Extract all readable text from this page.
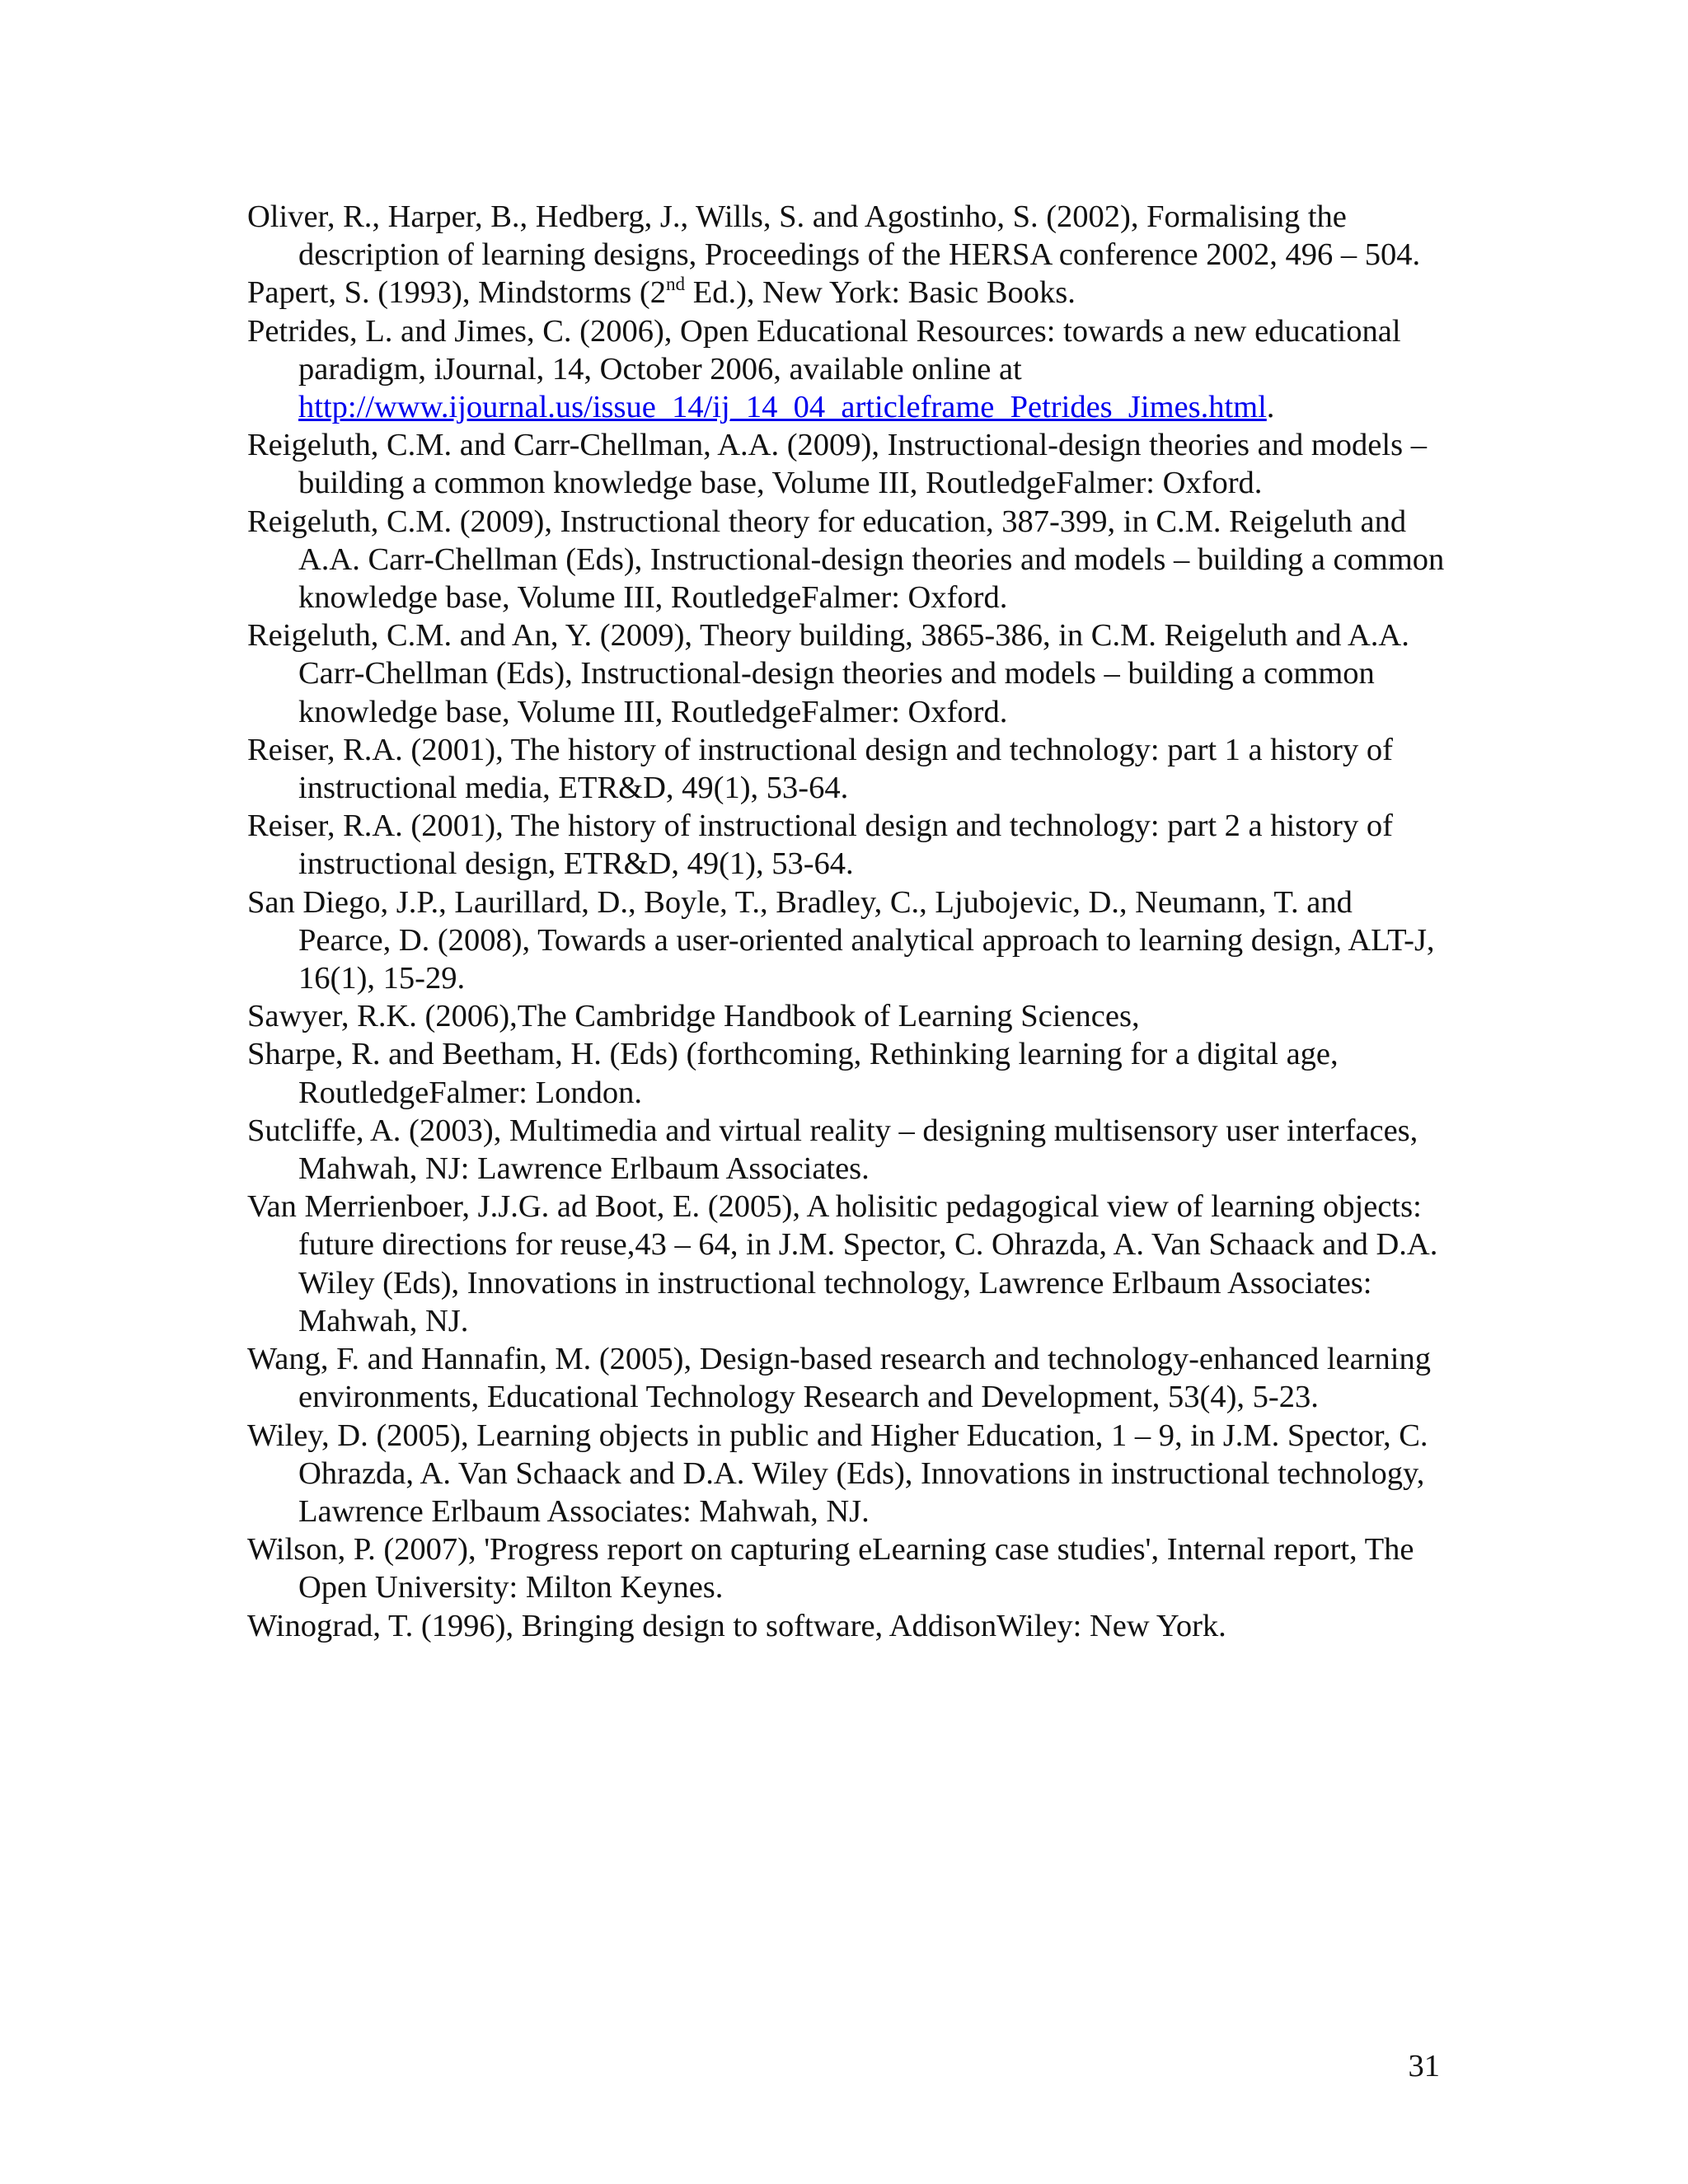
Oliver, R., Harper, B., Hedberg, J., Wills, S. and Agostinho, S. (2002), Formalising the description of learning designs, Proceedings of the HERSA conference 2002, 496 – 504.

Papert, S. (1993), Mindstorms (2nd Ed.), New York: Basic Books.

Petrides, L. and Jimes, C. (2006), Open Educational Resources: towards a new educational paradigm, iJournal, 14, October 2006, available online at http://www.ijournal.us/issue_14/ij_14_04_articleframe_Petrides_Jimes.html.

Reigeluth, C.M. and Carr-Chellman, A.A. (2009), Instructional-design theories and models – building a common knowledge base, Volume III, RoutledgeFalmer: Oxford.

Reigeluth, C.M. (2009), Instructional theory for education, 387-399, in C.M. Reigeluth and A.A. Carr-Chellman (Eds), Instructional-design theories and models – building a common knowledge base, Volume III, RoutledgeFalmer: Oxford.

Reigeluth, C.M. and An, Y. (2009), Theory building, 3865-386, in C.M. Reigeluth and A.A. Carr-Chellman (Eds), Instructional-design theories and models – building a common knowledge base, Volume III, RoutledgeFalmer: Oxford.

Reiser, R.A. (2001), The history of instructional design and technology: part 1 a history of instructional media, ETR&D, 49(1), 53-64.

Reiser, R.A. (2001), The history of instructional design and technology: part 2 a history of instructional design, ETR&D, 49(1), 53-64.

San Diego, J.P., Laurillard, D., Boyle, T., Bradley, C., Ljubojevic, D., Neumann, T. and Pearce, D. (2008), Towards a user-oriented analytical approach to learning design, ALT-J, 16(1), 15-29.

Sawyer, R.K. (2006),The Cambridge Handbook of Learning Sciences,

Sharpe, R. and Beetham, H. (Eds) (forthcoming, Rethinking learning for a digital age, RoutledgeFalmer: London.

Sutcliffe, A. (2003), Multimedia and virtual reality – designing multisensory user interfaces, Mahwah, NJ: Lawrence Erlbaum Associates.

Van Merrienboer, J.J.G. ad Boot, E. (2005), A holisitic pedagogical view of learning objects: future directions for reuse,43 – 64, in J.M. Spector, C. Ohrazda, A. Van Schaack and D.A. Wiley (Eds), Innovations in instructional technology, Lawrence Erlbaum Associates: Mahwah, NJ.

Wang, F. and Hannafin, M. (2005), Design-based research and technology-enhanced learning environments, Educational Technology Research and Development, 53(4), 5-23.

Wiley, D. (2005), Learning objects in public and Higher Education, 1 – 9, in J.M. Spector, C. Ohrazda, A. Van Schaack and D.A. Wiley (Eds), Innovations in instructional technology, Lawrence Erlbaum Associates: Mahwah, NJ.

Wilson, P. (2007), 'Progress report on capturing eLearning case studies', Internal report, The Open University: Milton Keynes.

Winograd, T. (1996), Bringing design to software, AddisonWiley: New York.

31
